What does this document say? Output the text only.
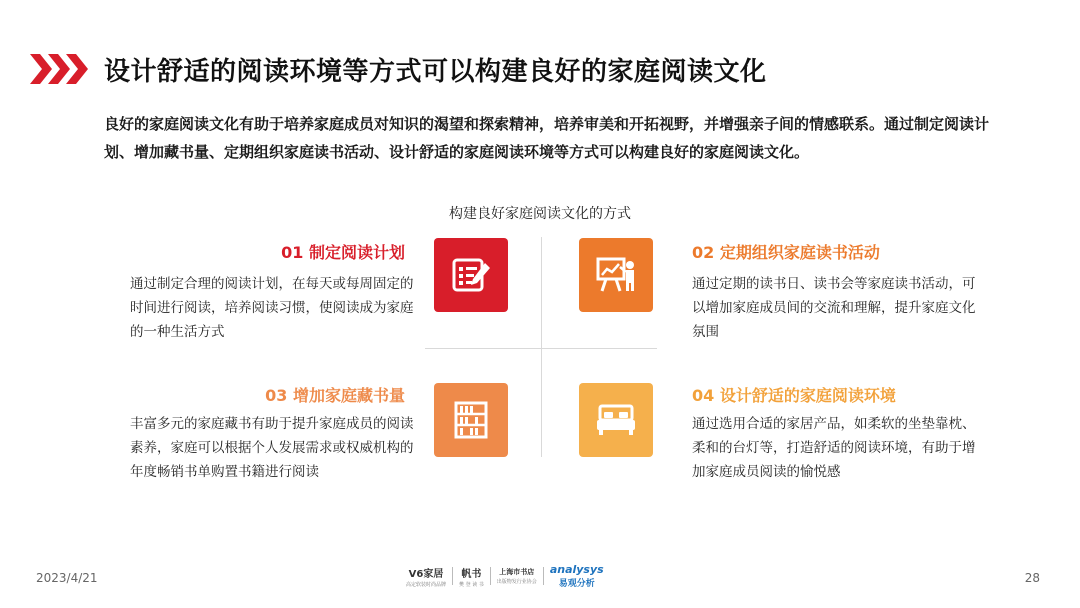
设计舒适的阅读环境等方式可以构建良好的家庭阅读文化
良好的家庭阅读文化有助于培养家庭成员对知识的渴望和探索精神，培养审美和开拓视野，并增强亲子间的情感联系。通过制定阅读计划、增加藏书量、定期组织家庭读书活动、设计舒适的家庭阅读环境等方式可以构建良好的家庭阅读文化。
构建良好家庭阅读文化的方式
01 制定阅读计划	02 定期组织家庭读书活动
03 增加家庭藏书量	04 设计舒适的家庭阅读环境
通过制定合理的阅读计划，在每天或每周固定的时间进行阅读，培养阅读习惯，使阅读成为家庭的一种生活方式
通过定期的读书日、读书会等家庭读书活动，可以增加家庭成员间的交流和理解，提升家庭文化氛围
丰富多元的家庭藏书有助于提升家庭成员的阅读素养，家庭可以根据个人发展需求或权威机构的年度畅销书单购置书籍进行阅读
通过选用合适的家居产品，如柔软的坐垫靠枕、柔和的台灯等，打造舒适的阅读环境，有助于增加家庭成员阅读的愉悦感
2023/4/21	V6家居
高定软装时尚品牌
帆书
樊 登 读 书
上海市书店
出版物发行业协会
analysys
易观分析	28
